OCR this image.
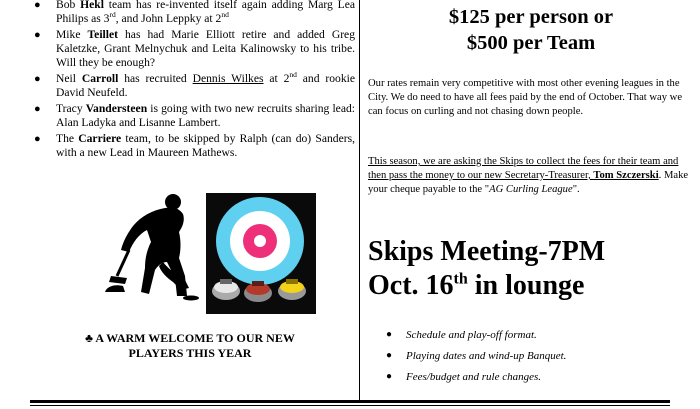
● Bob Hekl team has re-invented itself again adding Marg Lea Philips as 3rd, and John Leppky at 2nd
● Mike Teillet has had Marie Elliott retire and added Greg Kaletzke, Grant Melnychuk and Leita Kalinowsky to his tribe. Will they be enough?
● Neil Carroll has recruited Dennis Wilkes at 2nd and rookie David Neufeld.
● Tracy Vandersteen is going with two new recruits sharing lead: Alan Ladyka and Lisanne Lambert.
● The Carriere team, to be skipped by Ralph (can do) Sanders, with a new Lead in Maureen Mathews.
♣ A WARM WELCOME TO OUR NEW
PLAYERS THIS YEAR
$125 per person or
$500 per Team
Our rates remain very competitive with most other evening leagues in the City. We do need to have all fees paid by the end of October. That way we can focus on curling and not chasing down people.
This season, we are asking the Skips to collect the fees for their team and then pass the money to our new Secretary-Treasurer, Tom Szczerski. Make your cheque payable to the "AG Curling League".
Skips Meeting-7PM
Oct. 16th in lounge
● Schedule and play-off format.
● Playing dates and wind-up Banquet.
● Fees/budget and rule changes.
